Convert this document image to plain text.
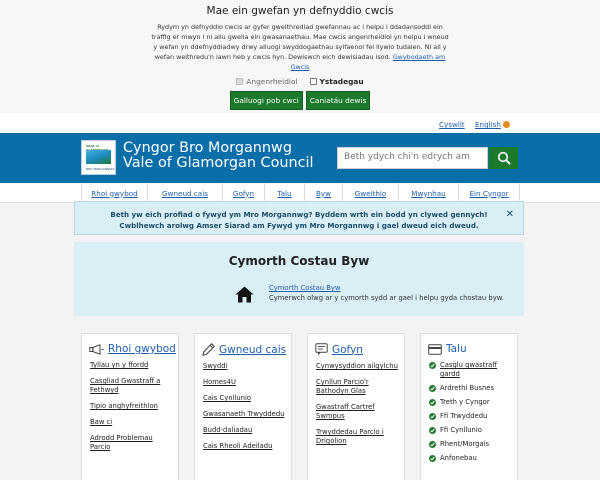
Mae ein gwefan yn defnyddio cwcis
Rydym yn defnyddio cwcis ar gyfer gweithrediad gwefannau ac i helpu i ddadansoddi ein traffig er mwyn i ni allu gwella ein gwasanaethau. Mae cwcis angenrheidiol yn helpu i wneud y wefan yn ddefnyddiadwy drwy alluogi swyddogaethau sylfaenol fel llywio tudalen. Ni all y wefan weithredu'n iawn heb y cwcis hyn. Dewiswch eich dewisiadau isod. Gwybodaeth am Gwcis
Angenrheidiol	Ystadegau
Galluogi pob cwci	Caniatáu dewis
Cyswllt English
VALE of
BRO MORGANNWG
Cyngor Bro Morgannwg
Vale of Glamorgan Council	Beth ydych chi'n edrych am
Rhoi gwybod	Gwneud cais	Gofyn	Talu	Byw	Gweithio	Mwynhau	Ein Cyngor

Beth yw eich profiad o fywyd ym Mro Morgannwg? Byddem wrth ein bodd yn clywed gennych!

Cwblhewch arolwg Amser Siarad am Fywyd ym Mro Morgannwg i gael dweud eich dweud.

✕
Cymorth Costau Byw
Cymorth Costau Byw
Cymerwch olwg ar y cymorth sydd ar gael i helpu gyda chostau byw.
Rhoi gwybod
Tyllau yn y ffordd
Casgliad Gwastraff a Fethwyd
Tipio anghyfreithlon
Baw ci
Adrodd Problemau Parcio
Gwneud cais
Swyddi
Homes4U
Cais Cynllunio
Gwasanaeth Trwyddedu
Budd-daliadau
Cais Rheoli Adeiladu
Gofyn
Cynwysyddion ailgylchu
Cynllun Parcio'r Bathodyn Glas
Gwastraff Cartref Swmpus
Trwyddedau Parcio i Drigolion
Talu
Casglu gwastraff gardd
Ardrethi Busnes
Treth y Cyngor
Ffi Trwyddedu
Ffi Cynllunio
Rhent/Morgais
Anfonebau
